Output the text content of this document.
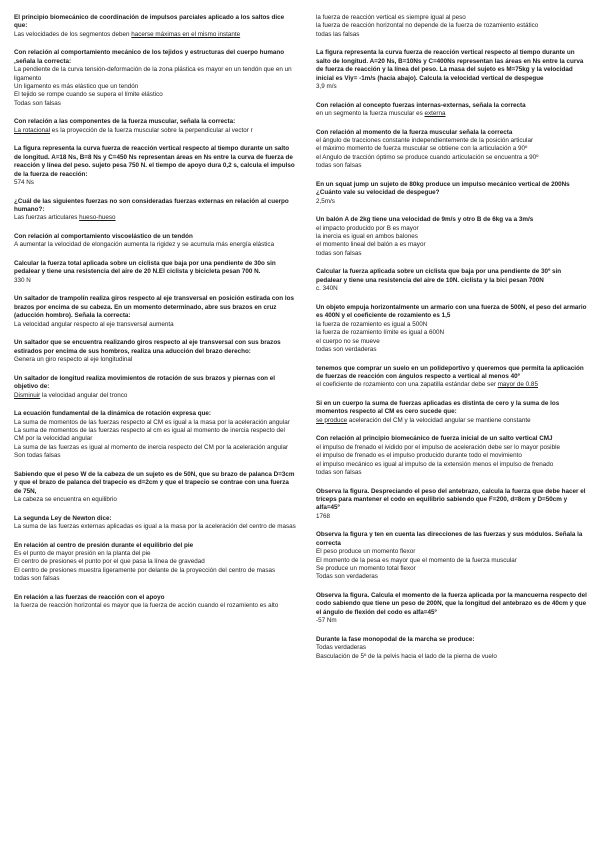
El principio biomecánico de coordinación de impulsos parciales aplicado a los saltos dice que:
Las velocidades de los segmentos deben hacerse máximas en el mismo instante
Con relación al comportamiento mecánico de los tejidos y estructuras del cuerpo humano ,señala la correcta:
La pendiente de la curva tensión-deformación de la zona plástica es mayor en un tendón que en un ligamento
Un ligamento es más elástico que un tendón
El tejido se rompe cuando se supera el límite elástico
Todas son falsas
Con relación a las componentes de la fuerza muscular, señala la correcta:
La rotacional es la proyección de la fuerza muscular sobre la perpendicular al vector r
La figura representa la curva fuerza de reacción vertical respecto al tiempo durante un salto de longitud. A=18 Ns, B=8 Ns y C=450 Ns representan áreas en Ns entre la curva de fuerza de reacción y línea del peso. sujeto pesa 750 N. el tiempo de apoyo dura 0,2 s, calcula el impulso de la fuerza de reacción:
574 Ns
¿Cuál de las siguientes fuerzas no son consideradas fuerzas externas en relación al cuerpo humano?:
Las fuerzas articulares hueso-hueso
Con relación al comportamiento viscoelástico de un tendón
A aumentar la velocidad de elongación aumenta la rigidez y se acumula más energía elástica
Calcular la fuerza total aplicada sobre un ciclista que baja por una pendiente de 30o sin pedalear y tiene una resistencia del aire de 20 N.El ciclista y bicicleta pesan 700 N.
330 N
Un saltador de trampolín realiza giros respecto al eje transversal en posición estirada con los brazos por encima de su cabeza. En un momento determinado, abre sus brazos en cruz (aducción hombro). Señala la correcta:
La velocidad angular respecto al eje transversal aumenta
Un saltador que se encuentra realizando giros respecto al eje transversal con sus brazos estirados por encima de sus hombros, realiza una aducción del brazo derecho:
Genera un giro respecto al eje longitudinal
Un saltador de longitud realiza movimientos de rotación de sus brazos y piernas con el objetivo de:
Disminuir la velocidad angular del tronco
La ecuación fundamental de la dinámica de rotación expresa que:
La suma de momentos de las fuerzas respecto al CM es igual a la masa por la aceleración angular
La suma de momentos de las fuerzas respecto al cm es igual al momento de inercia respecto del CM por la velocidad angular
La suma de las fuerzas es igual al momento de inercia respecto del CM por la aceleración angular
Son todas falsas
Sabiendo que el peso W de la cabeza de un sujeto es de 50N, que su brazo de palanca D=3cm y que el brazo de palanca del trapecio es d=2cm y que el trapecio se contrae con una fuerza de 75N,
La cabeza se encuentra en equilibrio
La segunda Ley de Newton dice:
La suma de las fuerzas externas aplicadas es igual a la masa por la aceleración del centro de masas
En relación al centro de presión durante el equilibrio del pie
Es el punto de mayor presión en la planta del pie
El centro de presiones el punto por el que pasa la línea de gravedad
El centro de presiones muestra ligeramente por delante de la proyección del centro de masas
todas son falsas
En relación a las fuerzas de reacción con el apoyo
la fuerza de reacción horizontal es mayor que la fuerza de acción cuando el rozamiento es alto
la fuerza de reacción vertical es siempre igual al peso
la fuerza de reacción horizontal no depende de la fuerza de rozamiento estático
todas las falsas
La figura representa la curva fuerza de reacción vertical respecto al tiempo durante un salto de longitud. A=20 Ns, B=10Ns y C=400Ns representan las áreas en Ns entre la curva de fuerza de reacción y la línea del peso. La masa del sujeto es M=75kg y la velocidad inicial es Viy= -1m/s (hacia abajo). Calcula la velocidad vertical de despegue
3,9 m/s
Con relación al concepto fuerzas internas-externas, señala la correcta
en un segmento la fuerza muscular es externa
Con relación al momento de la fuerza muscular señala la correcta
el ángulo de tracciones constante independientemente de la posición articular
el máximo momento de fuerza muscular se obtiene con la articulación a 90º
el Angulo de tracción óptimo se produce cuando articulación se encuentra a 90º
todas son falsas
En un squat jump un sujeto de 80kg produce un impulso mecánico vertical de 200Ns ¿Cuánto vale su velocidad de despegue?
2,5m/s
Un balón A de 2kg tiene una velocidad de 9m/s y otro B de 6kg va a 3m/s
el impacto producido por B es mayor
la inercia es igual en ambos balones
el momento lineal del balón a es mayor
todas son falsas
Calcular la fuerza aplicada sobre un ciclista que baja por una pendiente de 30º sin pedalear y tiene una resistencia del aire de 10N. ciclista y la bici pesan 700N
c. 340N
Un objeto empuja horizontalmente un armario con una fuerza de 500N, el peso del armario es 400N y el coeficiente de rozamiento es 1,5
la fuerza de rozamiento es igual a 500N
la fuerza de rozamiento límite es igual a 600N
el cuerpo no se mueve
todas son verdaderas
tenemos que comprar un suelo en un polideportivo y queremos que permita la aplicación de fuerzas de reacción con ángulos respecto a vertical al menos 40º
el coeficiente de rozamiento con una zapatilla estándar debe ser mayor de 0.85
Si en un cuerpo la suma de fuerzas aplicadas es distinta de cero y la suma de los momentos respecto al CM es cero sucede que:
se produce aceleración del CM y la velocidad angular se mantiene constante
Con relación al principio biomecánico de fuerza inicial de un salto vertical CMJ
el impulso de frenado el ividido por el impulso de aceleración debe ser lo mayor posible
el impulso de frenado es el impulso producido durante todo el movimiento
el impulso mecánico es igual al impulso de la extensión menos el impulso de frenado
todas son falsas
Observa la figura. Despreciando el peso del antebrazo, calcula la fuerza que debe hacer el tríceps para mantener el codo en equilibrio sabiendo que F=200, d=8cm y D=50cm y alfa=45º
1768
Observa la figura y ten en cuenta las direcciones de las fuerzas y sus módulos. Señala la correcta
El peso produce un momento flexor
El momento de la pesa es mayor que el momento de la fuerza muscular
Se produce un momento total flexor
Todas son verdaderas
Observa la figura. Calcula el momento de la fuerza aplicada por la mancuerna respecto del codo sabiendo que tiene un peso de 200N, que la longitud del antebrazo es de 40cm y que el ángulo de flexión del codo es alfa=45º
-57 Nm
Durante la fase monopodal de la marcha se produce:
Todas verdaderas
Basculación de 5º de la pelvis hacia el lado de la pierna de vuelo
